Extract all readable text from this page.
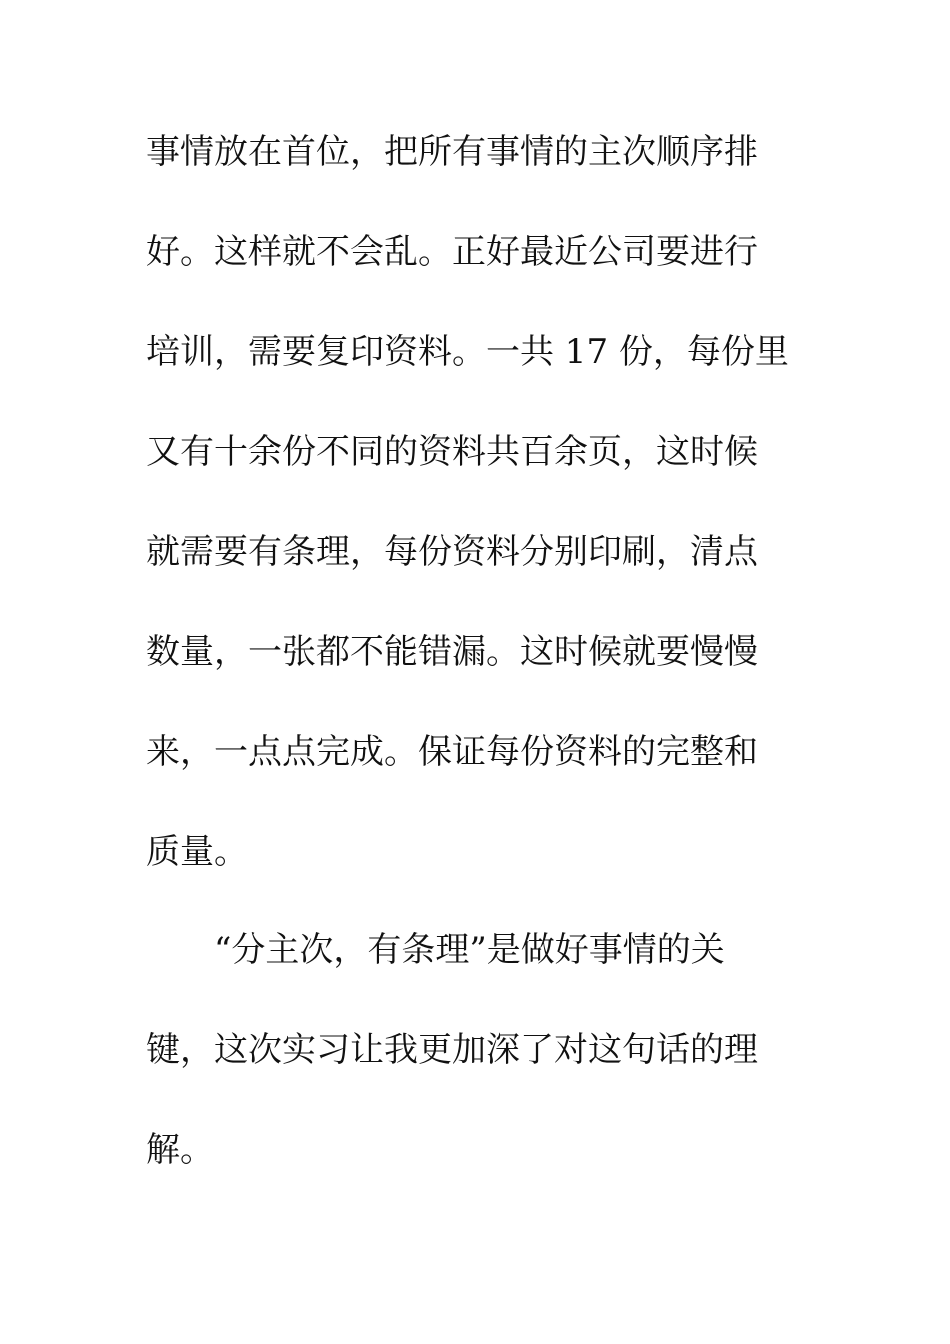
事情放在首位，把所有事情的主次顺序排
好。这样就不会乱。正好最近公司要进行
培训，需要复印资料。一共 17 份，每份里
又有十余份不同的资料共百余页，这时候
就需要有条理，每份资料分别印刷，清点
数量，一张都不能错漏。这时候就要慢慢
来，一点点完成。保证每份资料的完整和
质量。
“分主次，有条理”是做好事情的关
键，这次实习让我更加深了对这句话的理
解。
